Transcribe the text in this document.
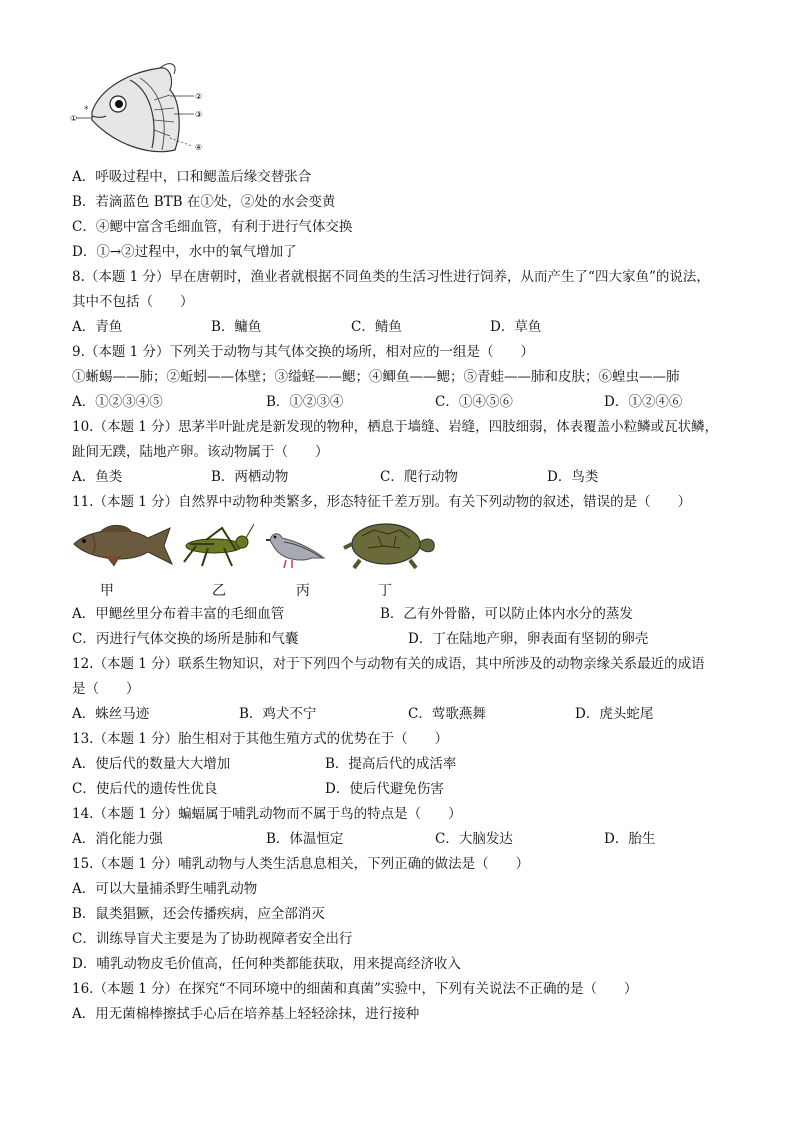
*
①
②
③
④
A．呼吸过程中，口和鳃盖后缘交替张合
B．若滴蓝色 BTB 在①处，②处的水会变黄
C．④鳃中富含毛细血管，有利于进行气体交换
D．①→②过程中，水中的氧气增加了
8.（本题 1 分）早在唐朝时，渔业者就根据不同鱼类的生活习性进行饲养，从而产生了“四大家鱼”的说法，
其中不包括（　　）
A．青鱼	B．鳙鱼	C．鲭鱼	D．草鱼
9.（本题 1 分）下列关于动物与其气体交换的场所，相对应的一组是（　　）
①蜥蜴——肺；②蚯蚓——体壁；③缢蛏——鳃；④鲫鱼——鳃；⑤青蛙——肺和皮肤；⑥蝗虫——肺
A．①②③④⑤	B．①②③④	C．①④⑤⑥	D．①②④⑥
10.（本题 1 分）思茅半叶趾虎是新发现的物种，栖息于墙缝、岩缝，四肢细弱，体表覆盖小粒鳞或瓦状鳞，
趾间无蹼，陆地产卵。该动物属于（　　）
A．鱼类	B．两栖动物	C．爬行动物	D．鸟类
11.（本题 1 分）自然界中动物种类繁多，形态特征千差万别。有关下列动物的叙述，错误的是（　　）
甲	乙	丙	丁
A．甲鳃丝里分布着丰富的毛细血管	B．乙有外骨骼，可以防止体内水分的蒸发
C．丙进行气体交换的场所是肺和气囊	D．丁在陆地产卵，卵表面有坚韧的卵壳
12.（本题 1 分）联系生物知识，对于下列四个与动物有关的成语，其中所涉及的动物亲缘关系最近的成语
是（　　）
A．蛛丝马迹	B．鸡犬不宁	C．莺歌燕舞	D．虎头蛇尾
13.（本题 1 分）胎生相对于其他生殖方式的优势在于（　　）
A．使后代的数量大大增加	B．提高后代的成活率
C．使后代的遗传性优良	D．使后代避免伤害
14.（本题 1 分）蝙蝠属于哺乳动物而不属于鸟的特点是（　　）
A．消化能力强	B．体温恒定	C．大脑发达	D．胎生
15.（本题 1 分）哺乳动物与人类生活息息相关，下列正确的做法是（　　）
A．可以大量捕杀野生哺乳动物
B．鼠类猖獗，还会传播疾病，应全部消灭
C．训练导盲犬主要是为了协助视障者安全出行
D．哺乳动物皮毛价值高，任何种类都能获取，用来提高经济收入
16.（本题 1 分）在探究“不同环境中的细菌和真菌”实验中，下列有关说法不正确的是（　　）
A．用无菌棉棒擦拭手心后在培养基上轻轻涂抹，进行接种
